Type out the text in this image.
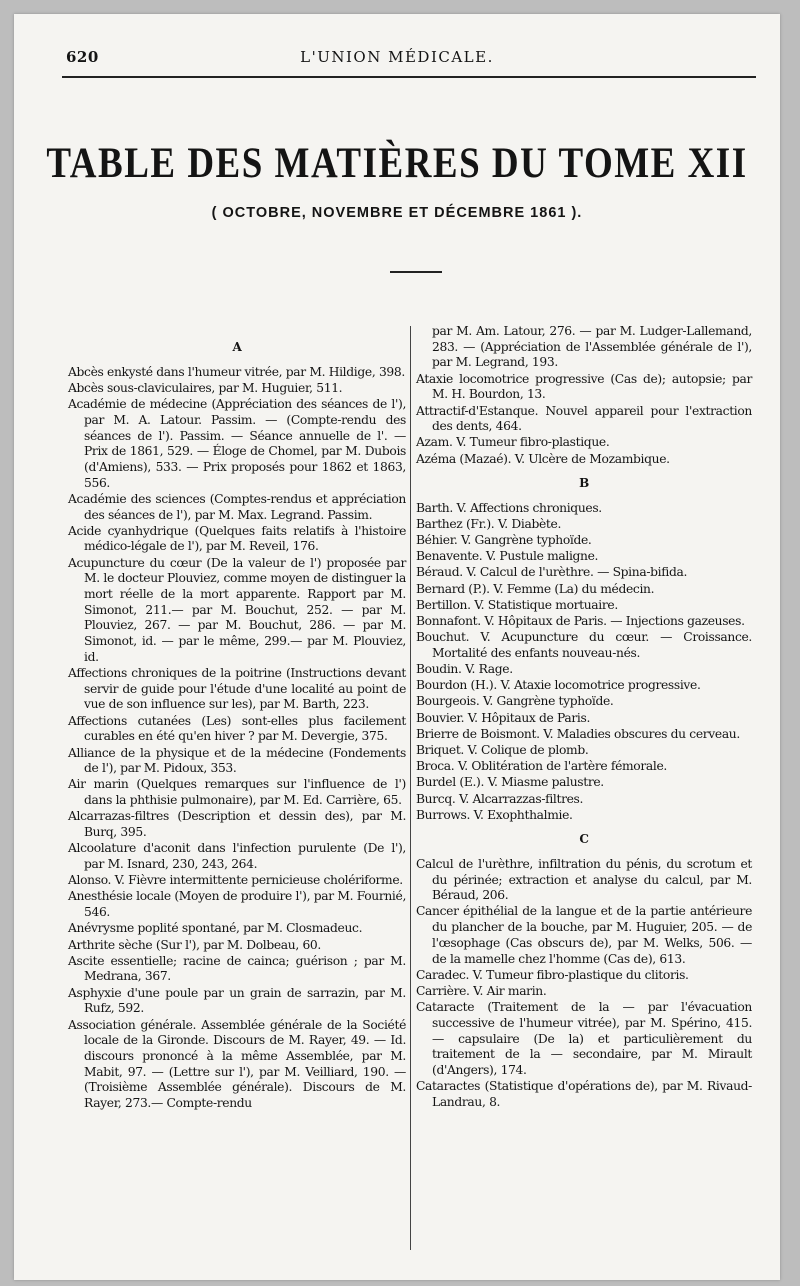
620	L'UNION MÉDICALE.
TABLE DES MATIÈRES DU TOME XII
( OCTOBRE, NOVEMBRE ET DÉCEMBRE 1861 ).
A
Abcès enkysté dans l'humeur vitrée, par M. Hildige, 398.
Abcès sous-claviculaires, par M. Huguier, 511.
Académie de médecine (Appréciation des séances de l'), par M. A. Latour. Passim. — (Compte-rendu des séances de l'). Passim. — Séance annuelle de l'. — Prix de 1861, 529. — Éloge de Chomel, par M. Dubois (d'Amiens), 533. — Prix proposés pour 1862 et 1863, 556.
Académie des sciences (Comptes-rendus et appréciation des séances de l'), par M. Max. Legrand. Passim.
Acide cyanhydrique (Quelques faits relatifs à l'histoire médico-légale de l'), par M. Reveil, 176.
Acupuncture du cœur (De la valeur de l') proposée par M. le docteur Plouviez, comme moyen de distinguer la mort réelle de la mort apparente. Rapport par M. Simonot, 211.— par M. Bouchut, 252. — par M. Plouviez, 267. — par M. Bouchut, 286. — par M. Simonot, id. — par le même, 299.— par M. Plouviez, id.
Affections chroniques de la poitrine (Instructions devant servir de guide pour l'étude d'une localité au point de vue de son influence sur les), par M. Barth, 223.
Affections cutanées (Les) sont-elles plus facilement curables en été qu'en hiver ? par M. Devergie, 375.
Alliance de la physique et de la médecine (Fondements de l'), par M. Pidoux, 353.
Air marin (Quelques remarques sur l'influence de l') dans la phthisie pulmonaire), par M. Ed. Carrière, 65.
Alcarrazas-filtres (Description et dessin des), par M. Burq, 395.
Alcoolature d'aconit dans l'infection purulente (De l'), par M. Isnard, 230, 243, 264.
Alonso. V. Fièvre intermittente pernicieuse cholériforme.
Anesthésie locale (Moyen de produire l'), par M. Fournié, 546.
Anévrysme poplité spontané, par M. Closmadeuc.
Arthrite sèche (Sur l'), par M. Dolbeau, 60.
Ascite essentielle; racine de cainca; guérison ; par M. Medrana, 367.
Asphyxie d'une poule par un grain de sarrazin, par M. Rufz, 592.
Association générale. Assemblée générale de la Société locale de la Gironde. Discours de M. Rayer, 49. — Id. discours prononcé à la même Assemblée, par M. Mabit, 97. — (Lettre sur l'), par M. Veilliard, 190. — (Troisième Assemblée générale). Discours de M. Rayer, 273.— Compte-rendu
par M. Am. Latour, 276. — par M. Ludger-Lallemand, 283. — (Appréciation de l'Assemblée générale de l'), par M. Legrand, 193.
Ataxie locomotrice progressive (Cas de); autopsie; par M. H. Bourdon, 13.
Attractif-d'Estanque. Nouvel appareil pour l'extraction des dents, 464.
Azam. V. Tumeur fibro-plastique.
Azéma (Mazaé). V. Ulcère de Mozambique.
B
Barth. V. Affections chroniques.
Barthez (Fr.). V. Diabète.
Béhier. V. Gangrène typhoïde.
Benavente. V. Pustule maligne.
Béraud. V. Calcul de l'urèthre. — Spina-bifida.
Bernard (P.). V. Femme (La) du médecin.
Bertillon. V. Statistique mortuaire.
Bonnafont. V. Hôpitaux de Paris. — Injections gazeuses.
Bouchut. V. Acupuncture du cœur. — Croissance. Mortalité des enfants nouveau-nés.
Boudin. V. Rage.
Bourdon (H.). V. Ataxie locomotrice progressive.
Bourgeois. V. Gangrène typhoïde.
Bouvier. V. Hôpitaux de Paris.
Brierre de Boismont. V. Maladies obscures du cerveau.
Briquet. V. Colique de plomb.
Broca. V. Oblitération de l'artère fémorale.
Burdel (E.). V. Miasme palustre.
Burcq. V. Alcarrazzas-filtres.
Burrows. V. Exophthalmie.
C
Calcul de l'urèthre, infiltration du pénis, du scrotum et du périnée; extraction et analyse du calcul, par M. Béraud, 206.
Cancer épithélial de la langue et de la partie antérieure du plancher de la bouche, par M. Huguier, 205. — de l'œsophage (Cas obscurs de), par M. Welks, 506. — de la mamelle chez l'homme (Cas de), 613.
Caradec. V. Tumeur fibro-plastique du clitoris.
Carrière. V. Air marin.
Cataracte (Traitement de la — par l'évacuation successive de l'humeur vitrée), par M. Spérino, 415. — capsulaire (De la) et particulièrement du traitement de la — secondaire, par M. Mirault (d'Angers), 174.
Cataractes (Statistique d'opérations de), par M. Rivaud-Landrau, 8.
